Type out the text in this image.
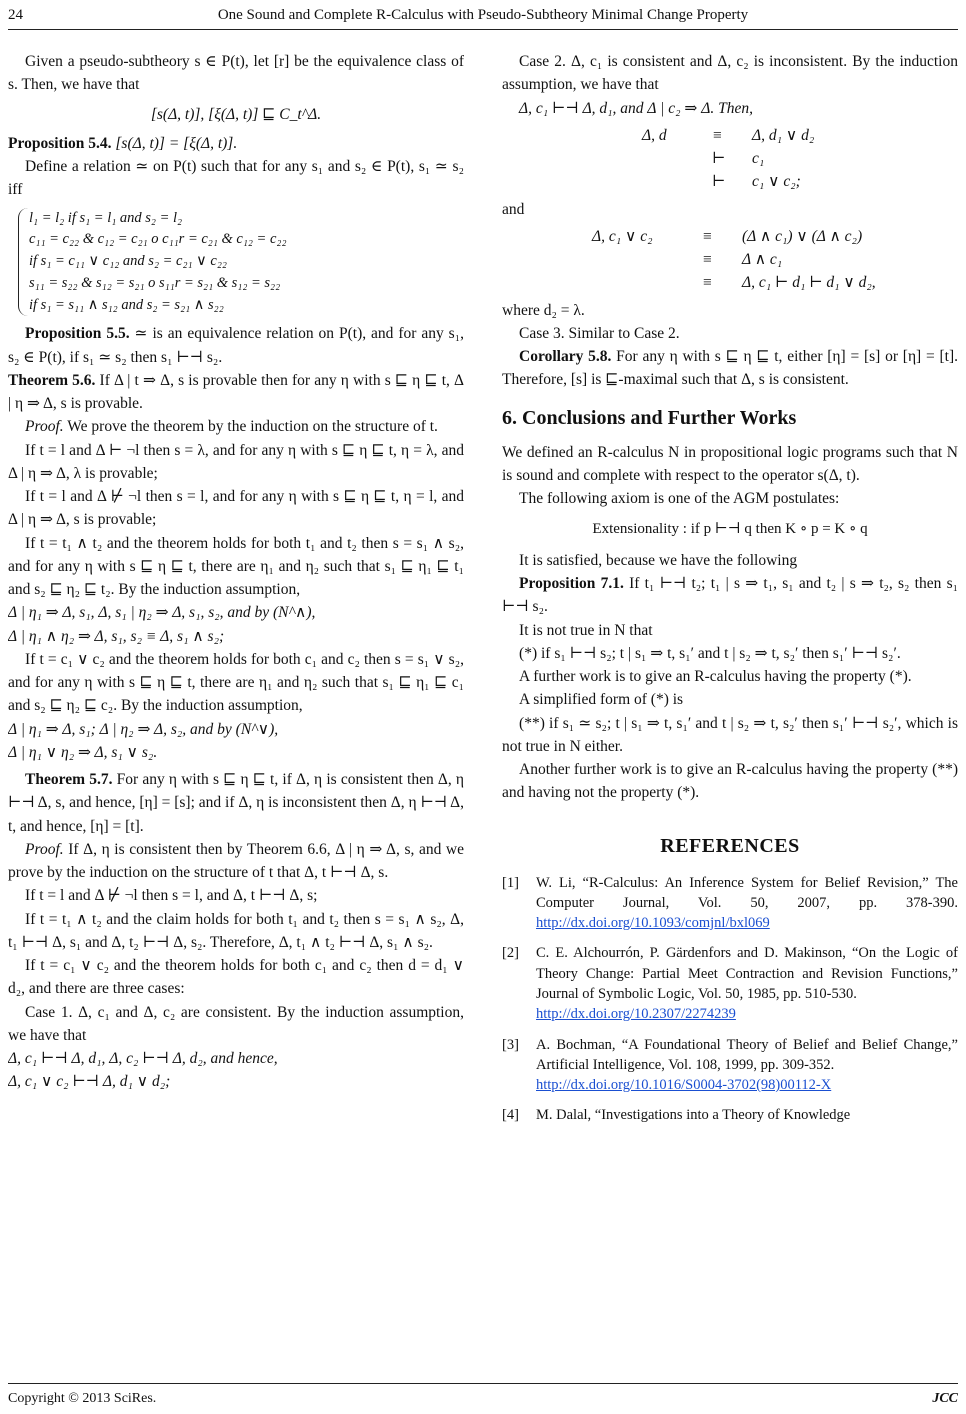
24	One Sound and Complete R-Calculus with Pseudo-Subtheory Minimal Change Property

Given a pseudo-subtheory s ∈ P(t), let [r] be the equivalence class of s. Then, we have that

[s(Δ, t)], [ξ(Δ, t)] ⊑ C_t^Δ.

Proposition 5.4. [s(Δ, t)] = [ξ(Δ, t)].

Define a relation ≃ on P(t) such that for any s₁ and s₂ ∈ P(t), s₁ ≃ s₂ iff

l₁ = l₂ if s₁ = l₁ and s₂ = l₂
c₁₁ = c₂₂ & c₁₂ = c₂₁ o c₁₁r = c₂₁ & c₁₂ = c₂₂
if s₁ = c₁₁ ∨ c₁₂ and s₂ = c₂₁ ∨ c₂₂
s₁₁ = s₂₂ & s₁₂ = s₂₁ o s₁₁r = s₂₁ & s₁₂ = s₂₂
if s₁ = s₁₁ ∧ s₁₂ and s₂ = s₂₁ ∧ s₂₂

Proposition 5.5. ≃ is an equivalence relation on P(t), and for any s₁, s₂ ∈ P(t), if s₁ ≃ s₂ then s₁ ⊢⊣ s₂.

Theorem 5.6. If Δ | t ⇒ Δ, s is provable then for any η with s ⊑ η ⊑ t, Δ | η ⇒ Δ, s is provable.

Proof. We prove the theorem by the induction on the structure of t.

If t = l and Δ ⊢ ¬l then s = λ, and for any η with s ⊑ η ⊑ t, η = λ, and Δ | η ⇒ Δ, λ is provable;

If t = l and Δ ⊬ ¬l then s = l, and for any η with s ⊑ η ⊑ t, η = l, and Δ | η ⇒ Δ, s is provable;

If t = t₁ ∧ t₂ and the theorem holds for both t₁ and t₂ then s = s₁ ∧ s₂, and for any η with s ⊑ η ⊑ t, there are η₁ and η₂ such that s₁ ⊑ η₁ ⊑ t₁ and s₂ ⊑ η₂ ⊑ t₂. By the induction assumption,

Δ | η₁ ⇒ Δ, s₁, Δ, s₁ | η₂ ⇒ Δ, s₁, s₂, and by (N^∧),

Δ | η₁ ∧ η₂ ⇒ Δ, s₁, s₂ ≡ Δ, s₁ ∧ s₂;

If t = c₁ ∨ c₂ and the theorem holds for both c₁ and c₂ then s = s₁ ∨ s₂, and for any η with s ⊑ η ⊑ t, there are η₁ and η₂ such that s₁ ⊑ η₁ ⊑ c₁ and s₂ ⊑ η₂ ⊑ c₂. By the induction assumption,

Δ | η₁ ⇒ Δ, s₁; Δ | η₂ ⇒ Δ, s₂, and by (N^∨),

Δ | η₁ ∨ η₂ ⇒ Δ, s₁ ∨ s₂.

Theorem 5.7. For any η with s ⊑ η ⊑ t, if Δ, η is consistent then Δ, η ⊢⊣ Δ, s, and hence, [η] = [s]; and if Δ, η is inconsistent then Δ, η ⊢⊣ Δ, t, and hence, [η] = [t].

Proof. If Δ, η is consistent then by Theorem 6.6, Δ | η ⇒ Δ, s, and we prove by the induction on the structure of t that Δ, t ⊢⊣ Δ, s.

If t = l and Δ ⊬ ¬l then s = l, and Δ, t ⊢⊣ Δ, s;

If t = t₁ ∧ t₂ and the claim holds for both t₁ and t₂ then s = s₁ ∧ s₂, Δ, t₁ ⊢⊣ Δ, s₁ and Δ, t₂ ⊢⊣ Δ, s₂. Therefore, Δ, t₁ ∧ t₂ ⊢⊣ Δ, s₁ ∧ s₂.

If t = c₁ ∨ c₂ and the theorem holds for both c₁ and c₂ then d = d₁ ∨ d₂, and there are three cases:

Case 1. Δ, c₁ and Δ, c₂ are consistent. By the induction assumption, we have that

Δ, c₁ ⊢⊣ Δ, d₁, Δ, c₂ ⊢⊣ Δ, d₂, and hence,

Δ, c₁ ∨ c₂ ⊢⊣ Δ, d₁ ∨ d₂;

Case 2. Δ, c₁ is consistent and Δ, c₂ is inconsistent. By the induction assumption, we have that

Δ, c₁ ⊢⊣ Δ, d₁, and Δ | c₂ ⇒ Δ. Then,

Δ, d	≡	Δ, d₁ ∨ d₂
⊢	c₁
⊢	c₁ ∨ c₂;

and

Δ, c₁ ∨ c₂	≡	(Δ ∧ c₁) ∨ (Δ ∧ c₂)
≡	Δ ∧ c₁
≡	Δ, c₁ ⊢ d₁ ⊢ d₁ ∨ d₂,

where d₂ = λ.

Case 3. Similar to Case 2.

Corollary 5.8. For any η with s ⊑ η ⊑ t, either [η] = [s] or [η] = [t]. Therefore, [s] is ⊑-maximal such that Δ, s is consistent.

6. Conclusions and Further Works

We defined an R-calculus N in propositional logic programs such that N is sound and complete with respect to the operator s(Δ, t).

The following axiom is one of the AGM postulates:

Extensionality : if p ⊢⊣ q then K ∘ p = K ∘ q

It is satisfied, because we have the following

Proposition 7.1. If t₁ ⊢⊣ t₂; t₁ | s ⇒ t₁, s₁ and t₂ | s ⇒ t₂, s₂ then s₁ ⊢⊣ s₂.

It is not true in N that

(*) if s₁ ⊢⊣ s₂; t | s₁ ⇒ t, s₁′ and t | s₂ ⇒ t, s₂′ then s₁′ ⊢⊣ s₂′.

A further work is to give an R-calculus having the property (*).

A simplified form of (*) is

(**) if s₁ ≃ s₂; t | s₁ ⇒ t, s₁′ and t | s₂ ⇒ t, s₂′ then s₁′ ⊢⊣ s₂′, which is not true in N either.

Another further work is to give an R-calculus having the property (**) and having not the property (*).

REFERENCES
[1]	W. Li, “R-Calculus: An Inference System for Belief Revision,” The Computer Journal, Vol. 50, 2007, pp. 378-390. http://dx.doi.org/10.1093/comjnl/bxl069
[2]	C. E. Alchourrón, P. Gärdenfors and D. Makinson, “On the Logic of Theory Change: Partial Meet Contraction and Revision Functions,” Journal of Symbolic Logic, Vol. 50, 1985, pp. 510-530.
http://dx.doi.org/10.2307/2274239
[3]	A. Bochman, “A Foundational Theory of Belief and Belief Change,” Artificial Intelligence, Vol. 108, 1999, pp. 309-352.
http://dx.doi.org/10.1016/S0004-3702(98)00112-X
[4]	M. Dalal, “Investigations into a Theory of Knowledge
Copyright © 2013 SciRes.	JCC
